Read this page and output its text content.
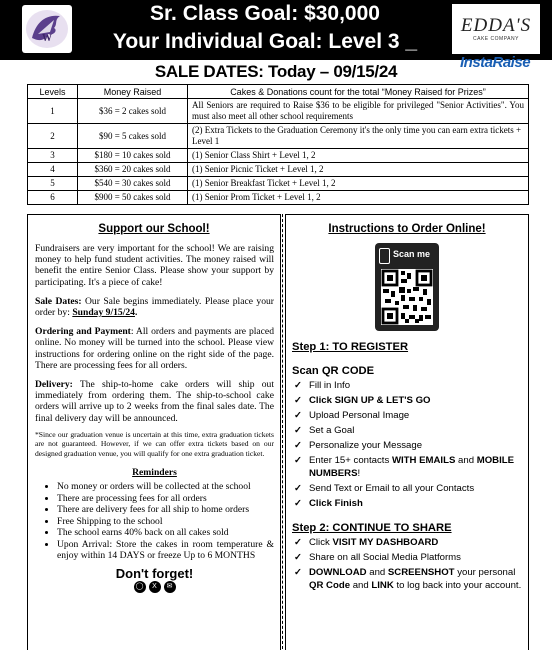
W
Sr. Class Goal: $30,000
Your Individual Goal: Level 3 _
EDDA'S
CAKE COMPANY
SALE DATES: Today – 09/15/24	InstaRaise
Levels	Money Raised	Cakes & Donations count for the total “Money Raised for Prizes”
1	$36 = 2 cakes sold	All Seniors are required to Raise $36 to be eligible for privileged "Senior Activities". You must also meet all other school requirements
2	$90 = 5 cakes sold	(2) Extra Tickets to the Graduation Ceremony it's the only time you can earn extra tickets + Level 1
3	$180 = 10 cakes sold	(1) Senior Class Shirt + Level 1, 2
4	$360 = 20 cakes sold	(1) Senior Picnic Ticket + Level 1, 2
5	$540 = 30 cakes sold	(1) Senior Breakfast Ticket + Level 1, 2
6	$900 = 50 cakes sold	(1) Senior Prom Ticket + Level 1, 2
Support our School!

Fundraisers are very important for the school! We are raising money to help fund student activities. The money raised will benefit the entire Senior Class. Please show your support by participating. It's a piece of cake!

Sale Dates: Our Sale begins immediately. Please place your order by: Sunday 9/15/24.

Ordering and Payment: All orders and payments are placed online. No money will be turned into the school. Please view instructions for ordering online on the right side of the page. There are processing fees for all orders.

Delivery: The ship-to-home cake orders will ship out immediately from ordering them. The ship-to-school cake orders will arrive up to 2 weeks from the final sales date. The final delivery day will be announced.

*Since our graduation venue is uncertain at this time, extra graduation tickets are not guaranteed. However, if we can offer extra tickets based on our designed graduation venue, you will qualify for one extra graduation ticket.

Reminders
• No money or orders will be collected at the school
• There are processing fees for all orders
• There are delivery fees for all ship to home orders
• Free Shipping to the school
• The school earns 40% back on all cakes sold
• Upon Arrival: Store the cakes in room temperature & enjoy within 14 DAYS or freeze Up to 6 MONTHS
Don't forget!
◯	X	✉
Instructions to Order Online!
Scan me
Step 1: TO REGISTER
Scan QR CODE
✓ Fill in Info
✓ Click SIGN UP & LET'S GO
✓ Upload Personal Image
✓ Set a Goal
✓ Personalize your Message
✓ Enter 15+ contacts WITH EMAILS and MOBILE NUMBERS!
✓ Send Text or Email to all your Contacts
✓ Click Finish
Step 2: CONTINUE TO SHARE
✓ Click VISIT MY DASHBOARD
✓ Share on all Social Media Platforms
✓ DOWNLOAD and SCREENSHOT your personal QR Code and LINK to log back into your account.
